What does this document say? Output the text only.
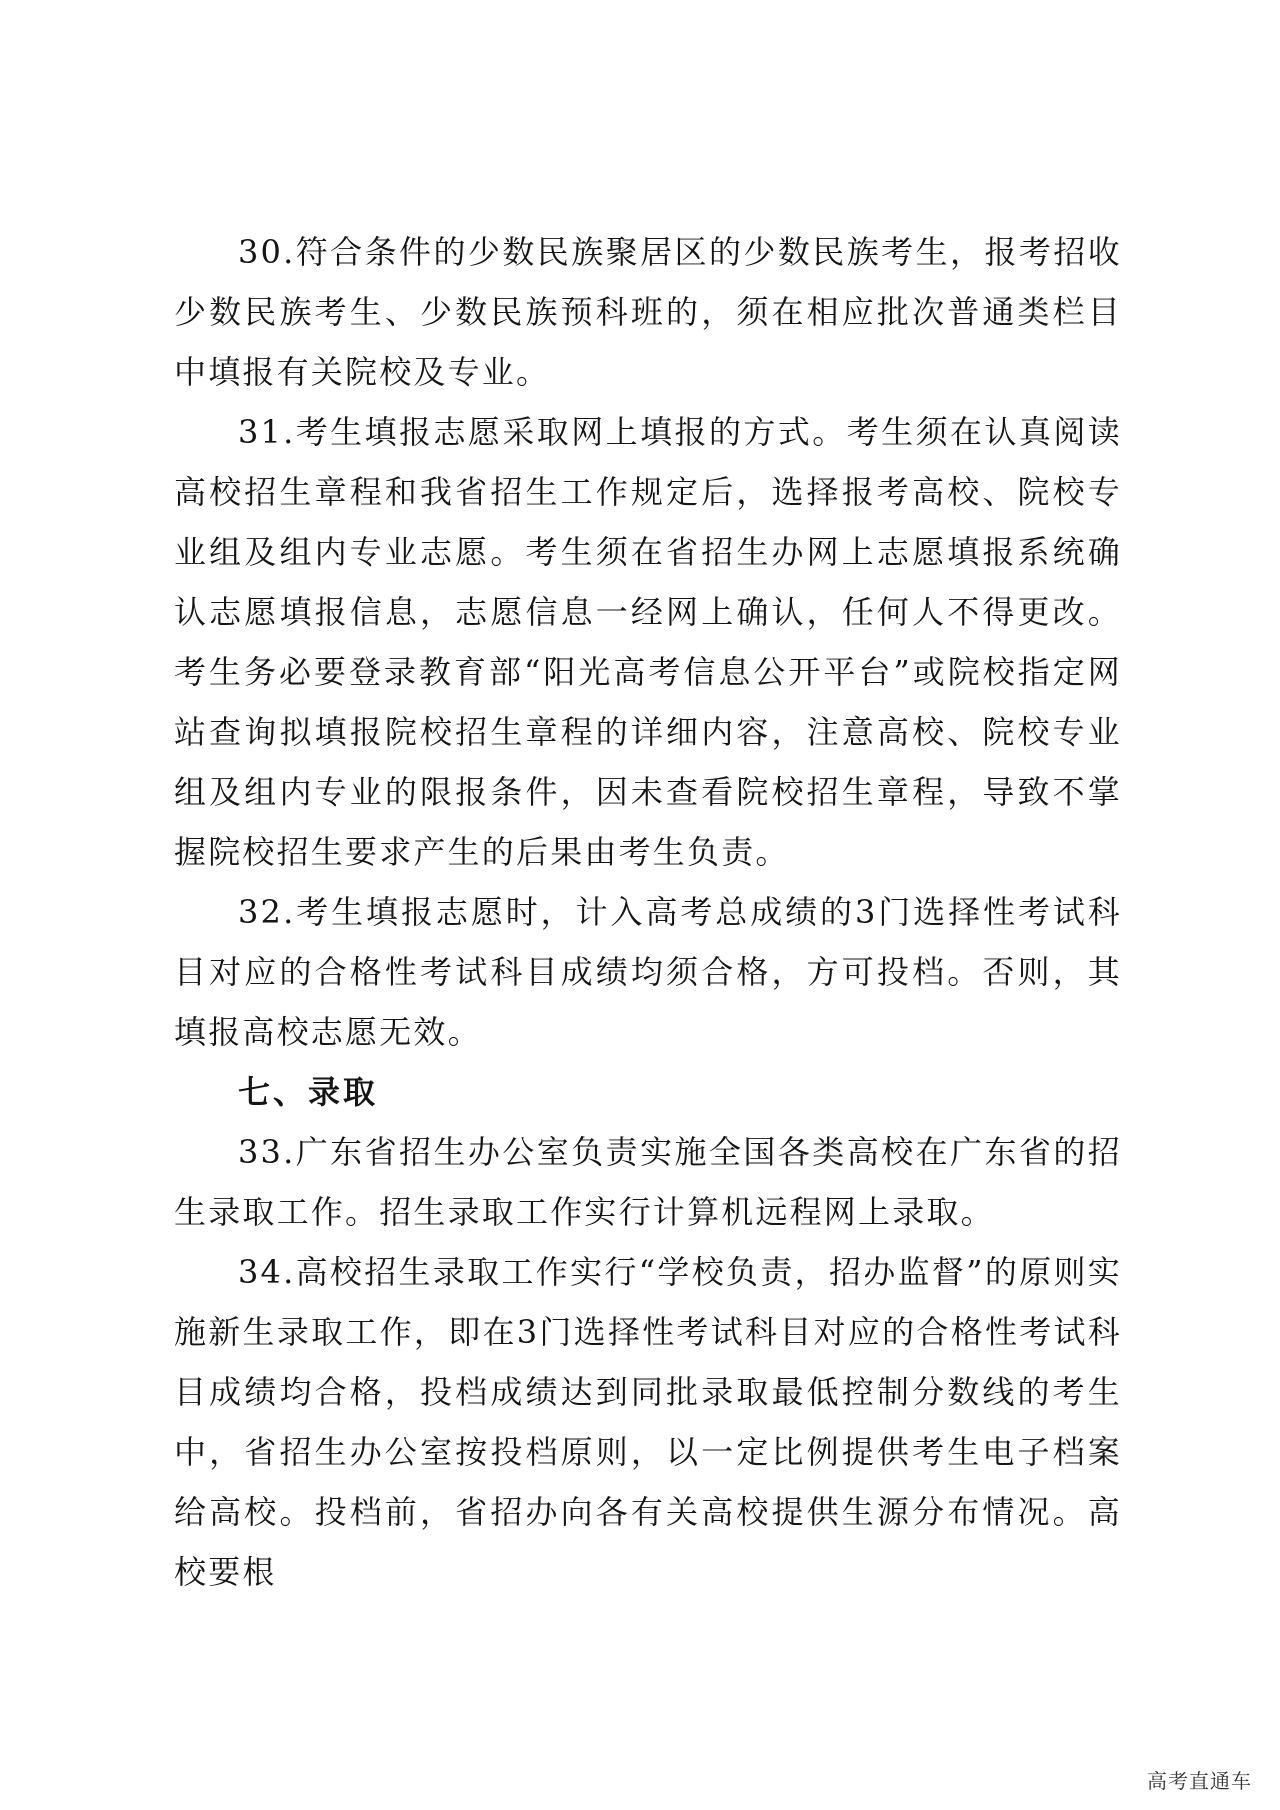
30.符合条件的少数民族聚居区的少数民族考生，报考招收少数民族考生、少数民族预科班的，须在相应批次普通类栏目中填报有关院校及专业。

31.考生填报志愿采取网上填报的方式。考生须在认真阅读高校招生章程和我省招生工作规定后，选择报考高校、院校专业组及组内专业志愿。考生须在省招生办网上志愿填报系统确认志愿填报信息，志愿信息一经网上确认，任何人不得更改。考生务必要登录教育部“阳光高考信息公开平台”或院校指定网站查询拟填报院校招生章程的详细内容，注意高校、院校专业组及组内专业的限报条件，因未查看院校招生章程，导致不掌握院校招生要求产生的后果由考生负责。

32.考生填报志愿时，计入高考总成绩的3门选择性考试科目对应的合格性考试科目成绩均须合格，方可投档。否则，其填报高校志愿无效。

七、录取

33.广东省招生办公室负责实施全国各类高校在广东省的招生录取工作。招生录取工作实行计算机远程网上录取。

34.高校招生录取工作实行“学校负责，招办监督”的原则实施新生录取工作，即在3门选择性考试科目对应的合格性考试科目成绩均合格，投档成绩达到同批录取最低控制分数线的考生中，省招生办公室按投档原则，以一定比例提供考生电子档案给高校。投档前，省招办向各有关高校提供生源分布情况。高校要根

高考直通车
